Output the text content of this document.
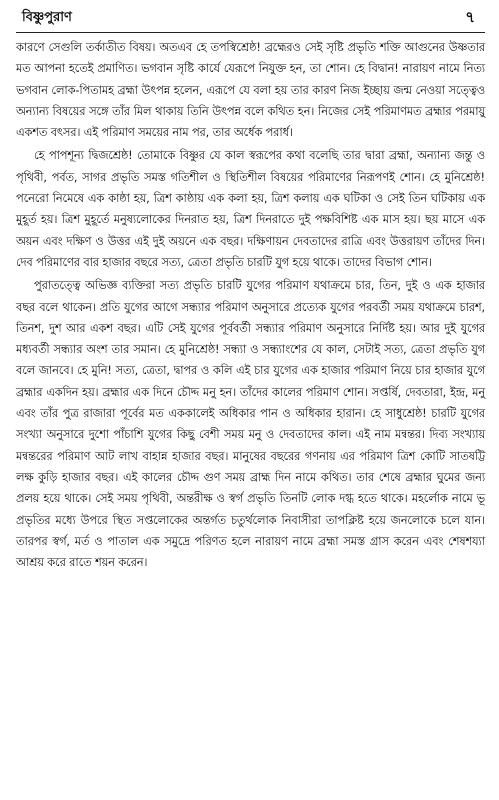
বিষ্ণুপুরাণ	৭

কারণে সেগুলি তর্কাতীত বিষয়। অতএব হে তপস্বিশ্রেষ্ঠ! ব্রহ্মেরও সেই সৃষ্টি প্রভৃতি শক্তি আগুনের উষ্ণতার মত আপনা হতেই প্রমাণিত। ভগবান সৃষ্টি কার্যে যেরূপে নিযুক্ত হন, তা শোন। হে বিদ্বান! নারায়ণ নামে নিত্য ভগবান লোক-পিতামহ ব্রহ্মা উৎপন্ন হলেন, এরূপে যে বলা হয় তার কারণ নিজ ইচ্ছায় জন্ম নেওয়া সত্ত্বেও অন্যান্য বিষয়ের সঙ্গে তাঁর মিল থাকায় তিনি উৎপন্ন বলে কথিত হন। নিজের সেই পরিমাণমত ব্রহ্মার পরমায়ু একশত বৎসর। এই পরিমাণ সময়ের নাম পর, তার অর্ধেক পরার্ধ।

হে পাপশূন্য দ্বিজশ্রেষ্ঠ! তোমাকে বিষ্ণুর যে কাল স্বরূপের কথা বলেছি তার দ্বারা ব্রহ্মা, অন্যান্য জন্তু ও পৃথিবী, পর্বত, সাগর প্রভৃতি সমস্ত গতিশীল ও স্থিতিশীল বিষয়ের পরিমাণের নিরূপণই শোন। হে মুনিশ্রেষ্ঠ! পনেরো নিমেষে এক কাষ্ঠা হয়, ত্রিশ কাষ্ঠায় এক কলা হয়, ত্রিশ কলায় এক ঘটিকা ও সেই তিন ঘটিকায় এক মুহূর্ত হয়। ত্রিশ মুহূর্তে মনুষ্যলোকের দিনরাত হয়, ত্রিশ দিনরাতে দুই পক্ষবিশিষ্ট এক মাস হয়। ছয় মাসে এক অয়ন এবং দক্ষিণ ও উত্তর এই দুই অয়নে এক বছর। দক্ষিণায়ন দেবতাদের রাত্রি এবং উত্তরায়ণ তাঁদের দিন। দেব পরিমাণের বার হাজার বছরে সত্য, ত্রেতা প্রভৃতি চারটি যুগ হয়ে থাকে। তাদের বিভাগ শোন।

পুরাতত্ত্বে অভিজ্ঞ ব্যক্তিরা সত্য প্রভৃতি চারটি যুগের পরিমাণ যথাক্রমে চার, তিন, দুই ও এক হাজার বছর বলে থাকেন। প্রতি যুগের আগে সন্ধ্যার পরিমাণ অনুসারে প্রত্যেক যুগের পরবর্তী সময় যথাক্রমে চারশ, তিনশ, দুশ আর একশ বছর। এটি সেই যুগের পূর্ববর্তী সন্ধ্যার পরিমাণ অনুসারে নির্দিষ্ট হয়। আর দুই যুগের মধ্যবর্তী সন্ধ্যার অংশ তার সমান। হে মুনিশ্রেষ্ঠ! সন্ধ্যা ও সন্ধ্যাংশের যে কাল, সেটাই সত্য, ত্রেতা প্রভৃতি যুগ বলে জানবে। হে মুনি! সত্য, ত্রেতা, দ্বাপর ও কলি এই চার যুগের এক হাজার পরিমাণ নিয়ে চার হাজার যুগে ব্রহ্মার একদিন হয়। ব্রহ্মার এক দিনে চৌদ্দ মনু হন। তাঁদের কালের পরিমাণ শোন। সপ্তর্ষি, দেবতারা, ইন্দ্র, মনু এবং তাঁর পুত্র রাজারা পূর্বের মত এককালেই অধিকার পান ও অধিকার হারান। হে সাধুশ্রেষ্ঠ! চারটি যুগের সংখ্যা অনুসারে দুশো পাঁচাশি যুগের কিছু বেশী সময় মনু ও দেবতাদের কাল। এই নাম মন্বন্তর। দিব্য সংখ্যায় মন্বন্তরের পরিমাণ আট লাখ বাহান্ন হাজার বছর। মানুষের বছরের গণনায় এর পরিমাণ ত্রিশ কোটি সাতষট্টি লক্ষ কুড়ি হাজার বছর। এই কালের চৌদ্দ গুণ সময় ব্রাহ্ম দিন নামে কথিত। তার শেষে ব্রহ্মার ঘুমের জন্য প্রলয় হয়ে থাকে। সেই সময় পৃথিবী, অন্তরীক্ষ ও স্বর্গ প্রভৃতি তিনটি লোক দগ্ধ হতে থাকে। মহর্লোক নামে ভূ প্রভৃতির মধ্যে উপরে স্থিত সপ্তলোকের অন্তর্গত চতুর্থলোক নিবাসীরা তাপক্লিষ্ট হয়ে জনলোকে চলে যান। তারপর স্বর্গ, মর্ত ও পাতাল এক সমুদ্রে পরিণত হলে নারায়ণ নামে ব্রহ্মা সমস্ত গ্রাস করেন এবং শেষশয্যা আশ্রয় করে রাতে শয়ন করেন।
